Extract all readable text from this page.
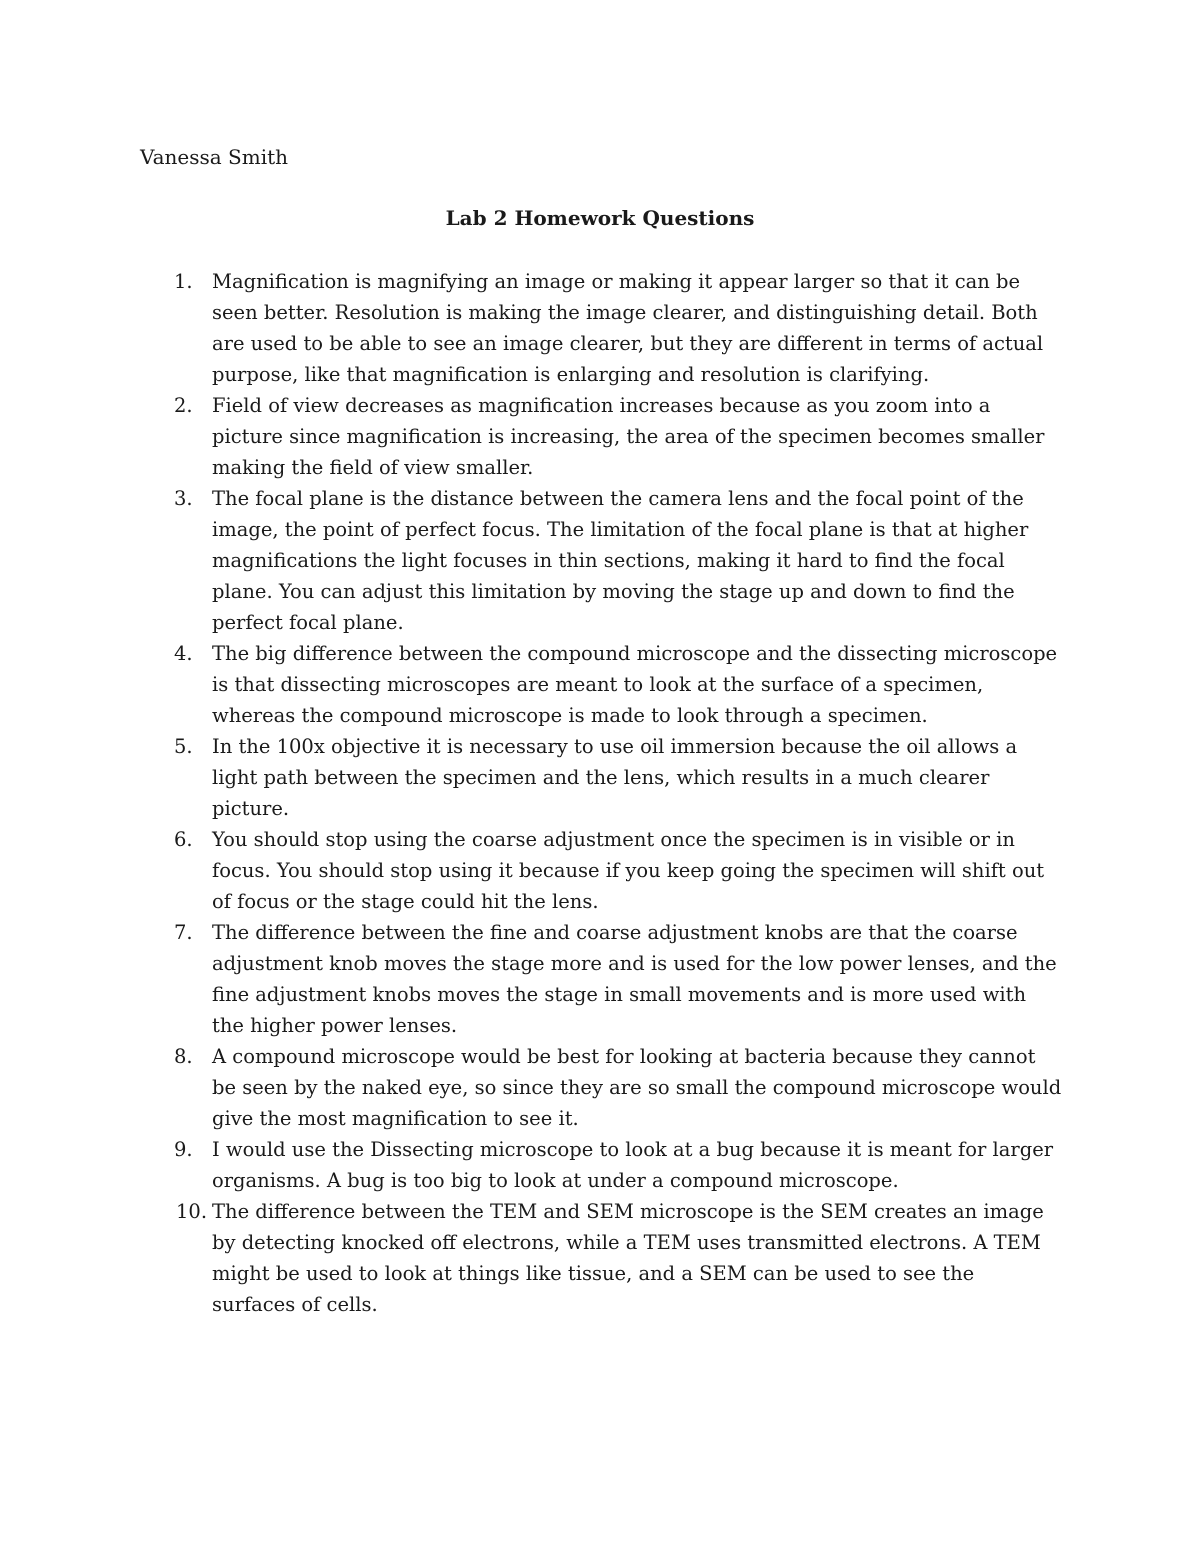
Vanessa Smith

Lab 2 Homework Questions
1. Magnification is magnifying an image or making it appear larger so that it can be seen better. Resolution is making the image clearer, and distinguishing detail. Both are used to be able to see an image clearer, but they are different in terms of actual purpose, like that magnification is enlarging and resolution is clarifying.
2. Field of view decreases as magnification increases because as you zoom into a picture since magnification is increasing, the area of the specimen becomes smaller making the field of view smaller.
3. The focal plane is the distance between the camera lens and the focal point of the image, the point of perfect focus. The limitation of the focal plane is that at higher magnifications the light focuses in thin sections, making it hard to find the focal plane. You can adjust this limitation by moving the stage up and down to find the perfect focal plane.
4. The big difference between the compound microscope and the dissecting microscope is that dissecting microscopes are meant to look at the surface of a specimen, whereas the compound microscope is made to look through a specimen.
5. In the 100x objective it is necessary to use oil immersion because the oil allows a light path between the specimen and the lens, which results in a much clearer picture.
6. You should stop using the coarse adjustment once the specimen is in visible or in focus. You should stop using it because if you keep going the specimen will shift out of focus or the stage could hit the lens.
7. The difference between the fine and coarse adjustment knobs are that the coarse adjustment knob moves the stage more and is used for the low power lenses, and the fine adjustment knobs moves the stage in small movements and is more used with the higher power lenses.
8. A compound microscope would be best for looking at bacteria because they cannot be seen by the naked eye, so since they are so small the compound microscope would give the most magnification to see it.
9. I would use the Dissecting microscope to look at a bug because it is meant for larger organisms. A bug is too big to look at under a compound microscope.
10. The difference between the TEM and SEM microscope is the SEM creates an image by detecting knocked off electrons, while a TEM uses transmitted electrons. A TEM might be used to look at things like tissue, and a SEM can be used to see the surfaces of cells.
